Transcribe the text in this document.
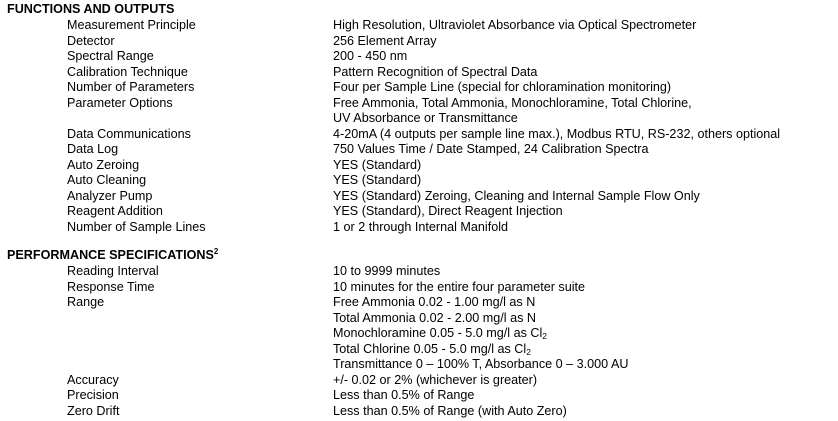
FUNCTIONS AND OUTPUTS
Measurement Principle	High Resolution, Ultraviolet Absorbance via Optical Spectrometer
Detector	256 Element Array
Spectral Range	200 - 450 nm
Calibration Technique	Pattern Recognition of Spectral Data
Number of Parameters	Four per Sample Line (special for chloramination monitoring)
Parameter Options	Free Ammonia, Total Ammonia, Monochloramine, Total Chlorine,
UV Absorbance or Transmittance
Data Communications	4-20mA (4 outputs per sample line max.), Modbus RTU, RS-232, others optional
Data Log	750 Values Time / Date Stamped, 24 Calibration Spectra
Auto Zeroing	YES (Standard)
Auto Cleaning	YES (Standard)
Analyzer Pump	YES (Standard) Zeroing, Cleaning and Internal Sample Flow Only
Reagent Addition	YES (Standard), Direct Reagent Injection
Number of Sample Lines	1 or 2 through Internal Manifold
PERFORMANCE SPECIFICATIONS$^2$
Reading Interval	10 to 9999 minutes
Response Time	10 minutes for the entire four parameter suite
Range	Free Ammonia 0.02 - 1.00 mg/l as N
Total Ammonia 0.02 - 2.00 mg/l as N
Monochloramine 0.05 - 5.0 mg/l as $Cl_2$
Total Chlorine 0.05 - 5.0 mg/l as $Cl_2$
Transmittance 0 – 100% T, Absorbance 0 – 3.000 AU
Accuracy	+/- 0.02 or 2% (whichever is greater)
Precision	Less than 0.5% of Range
Zero Drift	Less than 0.5% of Range (with Auto Zero)
